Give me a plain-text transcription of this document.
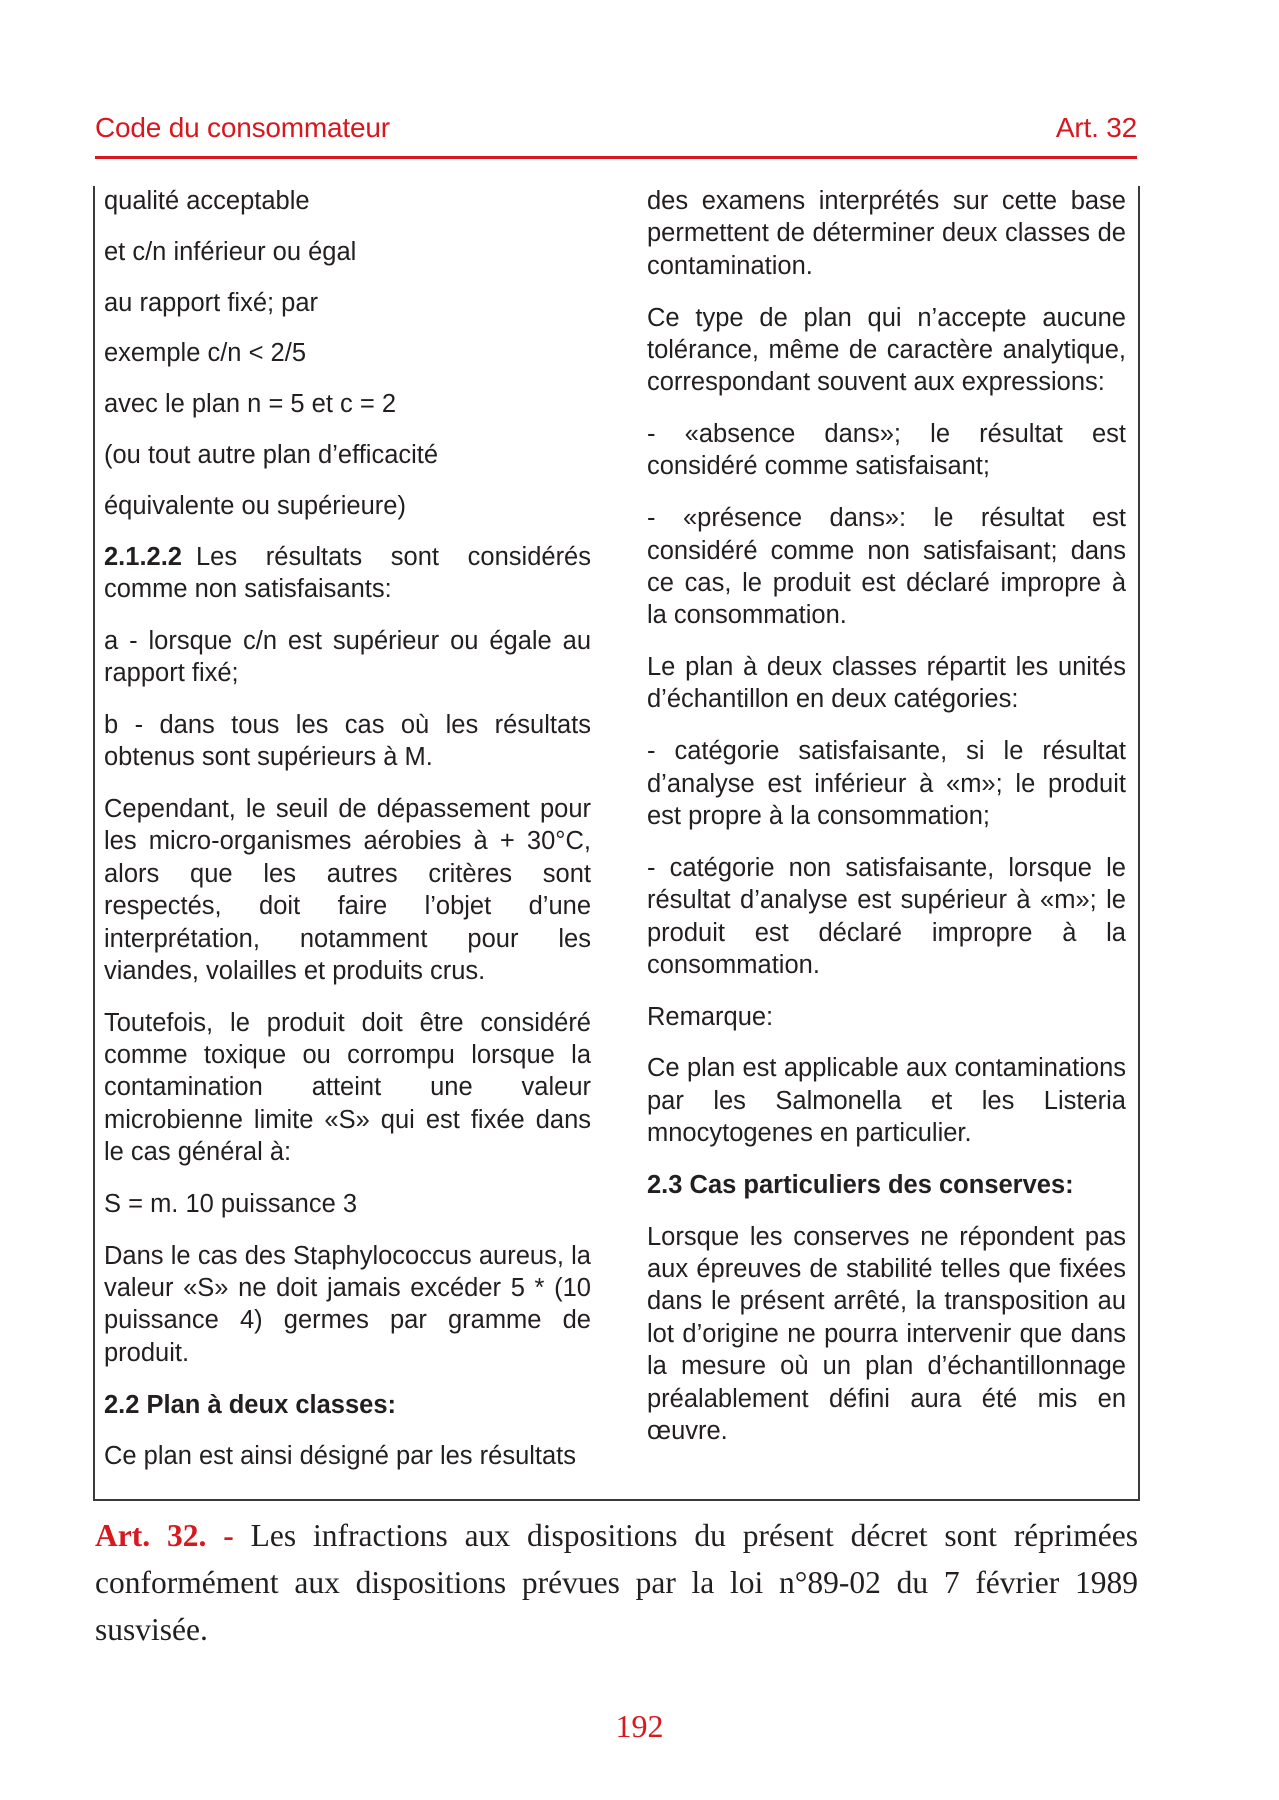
Code du consommateur	Art. 32

qualité acceptable

et c/n inférieur ou égal

au rapport fixé; par

exemple c/n < 2/5

avec le plan n = 5 et c = 2

(ou tout autre plan d’efficacité

équivalente ou supérieure)

2.1.2.2 Les résultats sont considérés comme non satisfaisants:

a - lorsque c/n est supérieur ou égale au rapport fixé;

b - dans tous les cas où les résultats obtenus sont supérieurs à M.

Cependant, le seuil de dépassement pour les micro-organismes aérobies à + 30°C, alors que les autres critères sont respectés, doit faire l’objet d’une interprétation, notamment pour les viandes, volailles et produits crus.

Toutefois, le produit doit être considéré comme toxique ou corrompu lorsque la contamination atteint une valeur microbienne limite «S» qui est fixée dans le cas général à:

S = m. 10 puissance 3

Dans le cas des Staphylococcus aureus, la valeur «S» ne doit jamais excéder 5 * (10 puissance 4) germes par gramme de produit.

2.2 Plan à deux classes:

Ce plan est ainsi désigné par les résultats

des examens interprétés sur cette base permettent de déterminer deux classes de contamination.

Ce type de plan qui n’accepte aucune tolérance, même de caractère analytique, correspondant souvent aux expressions:

- «absence dans»; le résultat est considéré comme satisfaisant;

- «présence dans»: le résultat est considéré comme non satisfaisant; dans ce cas, le produit est déclaré impropre à la consommation.

Le plan à deux classes répartit les unités d’échantillon en deux catégories:

- catégorie satisfaisante, si le résultat d’analyse est inférieur à «m»; le produit est propre à la consommation;

- catégorie non satisfaisante, lorsque le résultat d’analyse est supérieur à «m»; le produit est déclaré impropre à la consommation.

Remarque:

Ce plan est applicable aux contaminations par les Salmonella et les Listeria mnocytogenes en particulier.

2.3 Cas particuliers des conserves:

Lorsque les conserves ne répondent pas aux épreuves de stabilité telles que fixées dans le présent arrêté, la transposition au lot d’origine ne pourra intervenir que dans la mesure où un plan d’échantillonnage préalablement défini aura été mis en œuvre.

Art. 32. - Les infractions aux dispositions du présent décret sont réprimées conformément aux dispositions prévues par la loi n°89-02 du 7 février 1989 susvisée.
192
